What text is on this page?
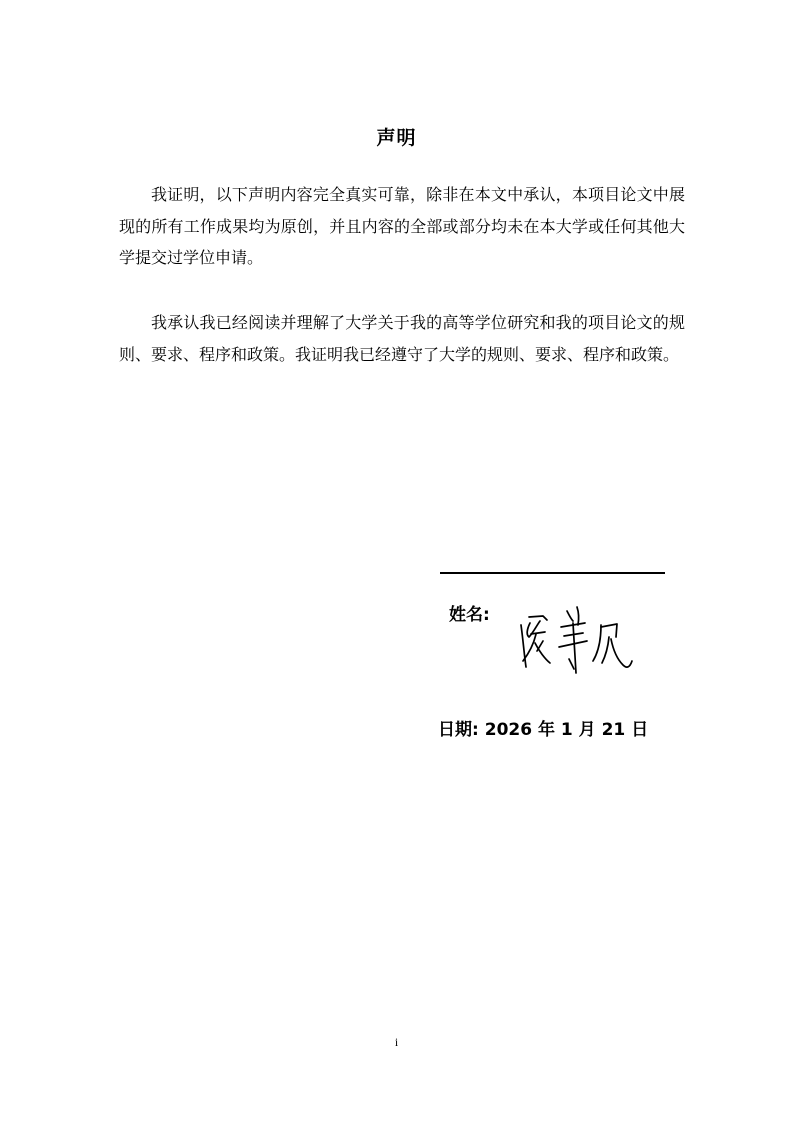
声明

我证明，以下声明内容完全真实可靠，除非在本文中承认，本项目论文中展现的所有工作成果均为原创，并且内容的全部或部分均未在本大学或任何其他大学提交过学位申请。

我承认我已经阅读并理解了大学关于我的高等学位研究和我的项目论文的规则、要求、程序和政策。我证明我已经遵守了大学的规则、要求、程序和政策。

姓名:
日期: 2026 年 1 月 21 日
i
